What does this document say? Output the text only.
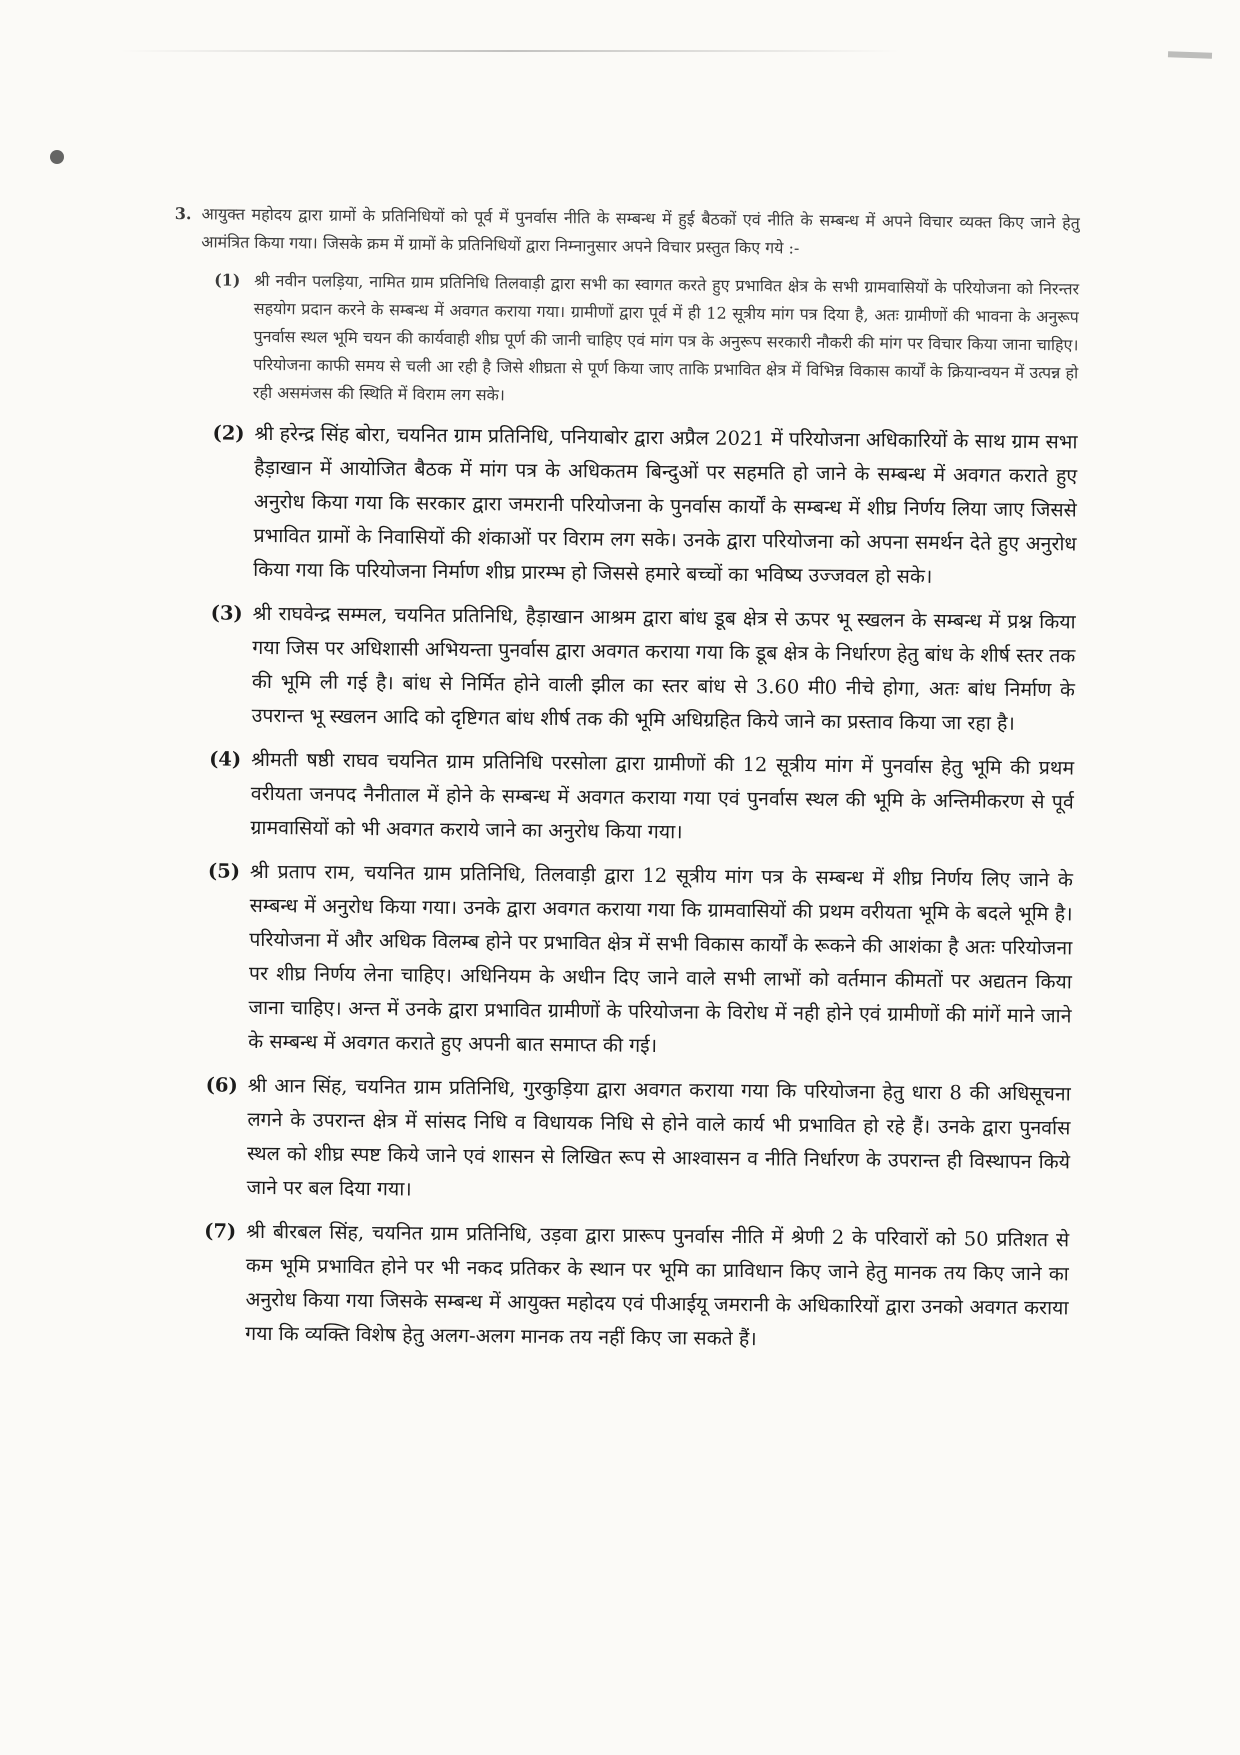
3. आयुक्त महोदय द्वारा ग्रामों के प्रतिनिधियों को पूर्व में पुनर्वास नीति के सम्बन्ध में हुई बैठकों एवं नीति के सम्बन्ध में अपने विचार व्यक्त किए जाने हेतु आमंत्रित किया गया। जिसके क्रम में ग्रामों के प्रतिनिधियों द्वारा निम्नानुसार अपने विचार प्रस्तुत किए गये :-
(1) श्री नवीन पलड़िया, नामित ग्राम प्रतिनिधि तिलवाड़ी द्वारा सभी का स्वागत करते हुए प्रभावित क्षेत्र के सभी ग्रामवासियों के परियोजना को निरन्तर सहयोग प्रदान करने के सम्बन्ध में अवगत कराया गया। ग्रामीणों द्वारा पूर्व में ही 12 सूत्रीय मांग पत्र दिया है, अतः ग्रामीणों की भावना के अनुरूप पुनर्वास स्थल भूमि चयन की कार्यवाही शीघ्र पूर्ण की जानी चाहिए एवं मांग पत्र के अनुरूप सरकारी नौकरी की मांग पर विचार किया जाना चाहिए। परियोजना काफी समय से चली आ रही है जिसे शीघ्रता से पूर्ण किया जाए ताकि प्रभावित क्षेत्र में विभिन्न विकास कार्यों के क्रियान्वयन में उत्पन्न हो रही असमंजस की स्थिति में विराम लग सके।
(2) श्री हरेन्द्र सिंह बोरा, चयनित ग्राम प्रतिनिधि, पनियाबोर द्वारा अप्रैल 2021 में परियोजना अधिकारियों के साथ ग्राम सभा हैड़ाखान में आयोजित बैठक में मांग पत्र के अधिकतम बिन्दुओं पर सहमति हो जाने के सम्बन्ध में अवगत कराते हुए अनुरोध किया गया कि सरकार द्वारा जमरानी परियोजना के पुनर्वास कार्यों के सम्बन्ध में शीघ्र निर्णय लिया जाए जिससे प्रभावित ग्रामों के निवासियों की शंकाओं पर विराम लग सके। उनके द्वारा परियोजना को अपना समर्थन देते हुए अनुरोध किया गया कि परियोजना निर्माण शीघ्र प्रारम्भ हो जिससे हमारे बच्चों का भविष्य उज्जवल हो सके।
(3) श्री राघवेन्द्र सम्मल, चयनित प्रतिनिधि, हैड़ाखान आश्रम द्वारा बांध डूब क्षेत्र से ऊपर भू स्खलन के सम्बन्ध में प्रश्न किया गया जिस पर अधिशासी अभियन्ता पुनर्वास द्वारा अवगत कराया गया कि डूब क्षेत्र के निर्धारण हेतु बांध के शीर्ष स्तर तक की भूमि ली गई है। बांध से निर्मित होने वाली झील का स्तर बांध से 3.60 मी0 नीचे होगा, अतः बांध निर्माण के उपरान्त भू स्खलन आदि को दृष्टिगत बांध शीर्ष तक की भूमि अधिग्रहित किये जाने का प्रस्ताव किया जा रहा है।
(4) श्रीमती षष्ठी राघव चयनित ग्राम प्रतिनिधि परसोला द्वारा ग्रामीणों की 12 सूत्रीय मांग में पुनर्वास हेतु भूमि की प्रथम वरीयता जनपद नैनीताल में होने के सम्बन्ध में अवगत कराया गया एवं पुनर्वास स्थल की भूमि के अन्तिमीकरण से पूर्व ग्रामवासियों को भी अवगत कराये जाने का अनुरोध किया गया।
(5) श्री प्रताप राम, चयनित ग्राम प्रतिनिधि, तिलवाड़ी द्वारा 12 सूत्रीय मांग पत्र के सम्बन्ध में शीघ्र निर्णय लिए जाने के सम्बन्ध में अनुरोध किया गया। उनके द्वारा अवगत कराया गया कि ग्रामवासियों की प्रथम वरीयता भूमि के बदले भूमि है। परियोजना में और अधिक विलम्ब होने पर प्रभावित क्षेत्र में सभी विकास कार्यों के रूकने की आशंका है अतः परियोजना पर शीघ्र निर्णय लेना चाहिए। अधिनियम के अधीन दिए जाने वाले सभी लाभों को वर्तमान कीमतों पर अद्यतन किया जाना चाहिए। अन्त में उनके द्वारा प्रभावित ग्रामीणों के परियोजना के विरोध में नही होने एवं ग्रामीणों की मांगें माने जाने के सम्बन्ध में अवगत कराते हुए अपनी बात समाप्त की गई।
(6) श्री आन सिंह, चयनित ग्राम प्रतिनिधि, गुरकुड़िया द्वारा अवगत कराया गया कि परियोजना हेतु धारा 8 की अधिसूचना लगने के उपरान्त क्षेत्र में सांसद निधि व विधायक निधि से होने वाले कार्य भी प्रभावित हो रहे हैं। उनके द्वारा पुनर्वास स्थल को शीघ्र स्पष्ट किये जाने एवं शासन से लिखित रूप से आश्वासन व नीति निर्धारण के उपरान्त ही विस्थापन किये जाने पर बल दिया गया।
(7) श्री बीरबल सिंह, चयनित ग्राम प्रतिनिधि, उड़वा द्वारा प्रारूप पुनर्वास नीति में श्रेणी 2 के परिवारों को 50 प्रतिशत से कम भूमि प्रभावित होने पर भी नकद प्रतिकर के स्थान पर भूमि का प्राविधान किए जाने हेतु मानक तय किए जाने का अनुरोध किया गया जिसके सम्बन्ध में आयुक्त महोदय एवं पीआईयू जमरानी के अधिकारियों द्वारा उनको अवगत कराया गया कि व्यक्ति विशेष हेतु अलग-अलग मानक तय नहीं किए जा सकते हैं।
